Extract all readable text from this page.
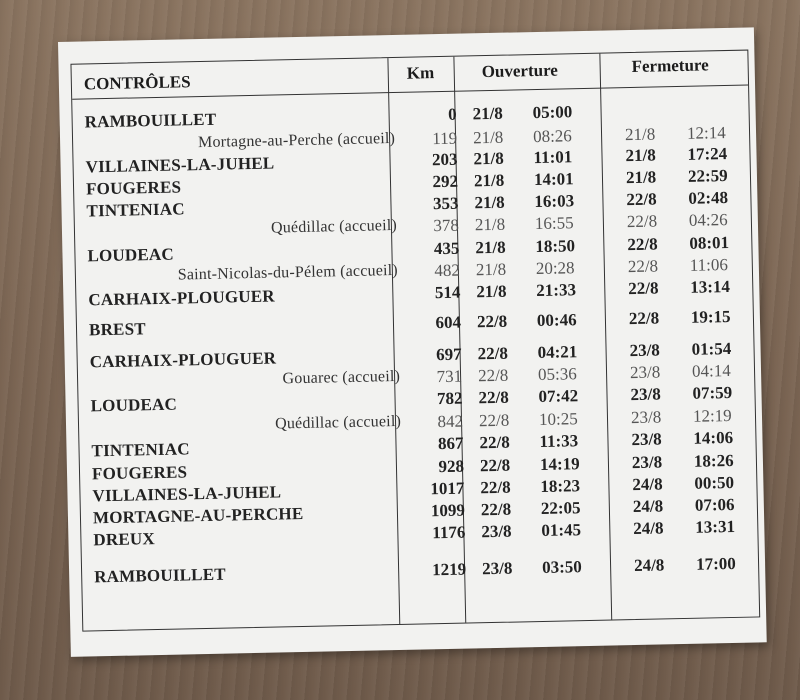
CONTRÔLES	Km	Ouverture	Fermeture
RAMBOUILLET	0 21/8 05:00
Mortagne-au-Perche (accueil)	119 21/8 08:26	21/8 12:14
VILLAINES-LA-JUHEL	203 21/8 11:01	21/8 17:24
FOUGERES	292 21/8 14:01	21/8 22:59
TINTENIAC	353 21/8 16:03	22/8 02:48
Quédillac (accueil)	378 21/8 16:55	22/8 04:26
LOUDEAC	435 21/8 18:50	22/8 08:01
Saint-Nicolas-du-Pélem (accueil)	482 21/8 20:28	22/8 11:06
CARHAIX-PLOUGUER	514 21/8 21:33	22/8 13:14
BREST	604 22/8 00:46	22/8 19:15
CARHAIX-PLOUGUER	697 22/8 04:21	23/8 01:54
Gouarec (accueil)	731 22/8 05:36	23/8 04:14
LOUDEAC	782 22/8 07:42	23/8 07:59
Quédillac (accueil)	842 22/8 10:25	23/8 12:19
TINTENIAC	867 22/8 11:33	23/8 14:06
FOUGERES	928 22/8 14:19	23/8 18:26
VILLAINES-LA-JUHEL	1017 22/8 18:23	24/8 00:50
MORTAGNE-AU-PERCHE	1099 22/8 22:05	24/8 07:06
DREUX	1176 23/8 01:45	24/8 13:31
RAMBOUILLET	1219 23/8 03:50	24/8 17:00
